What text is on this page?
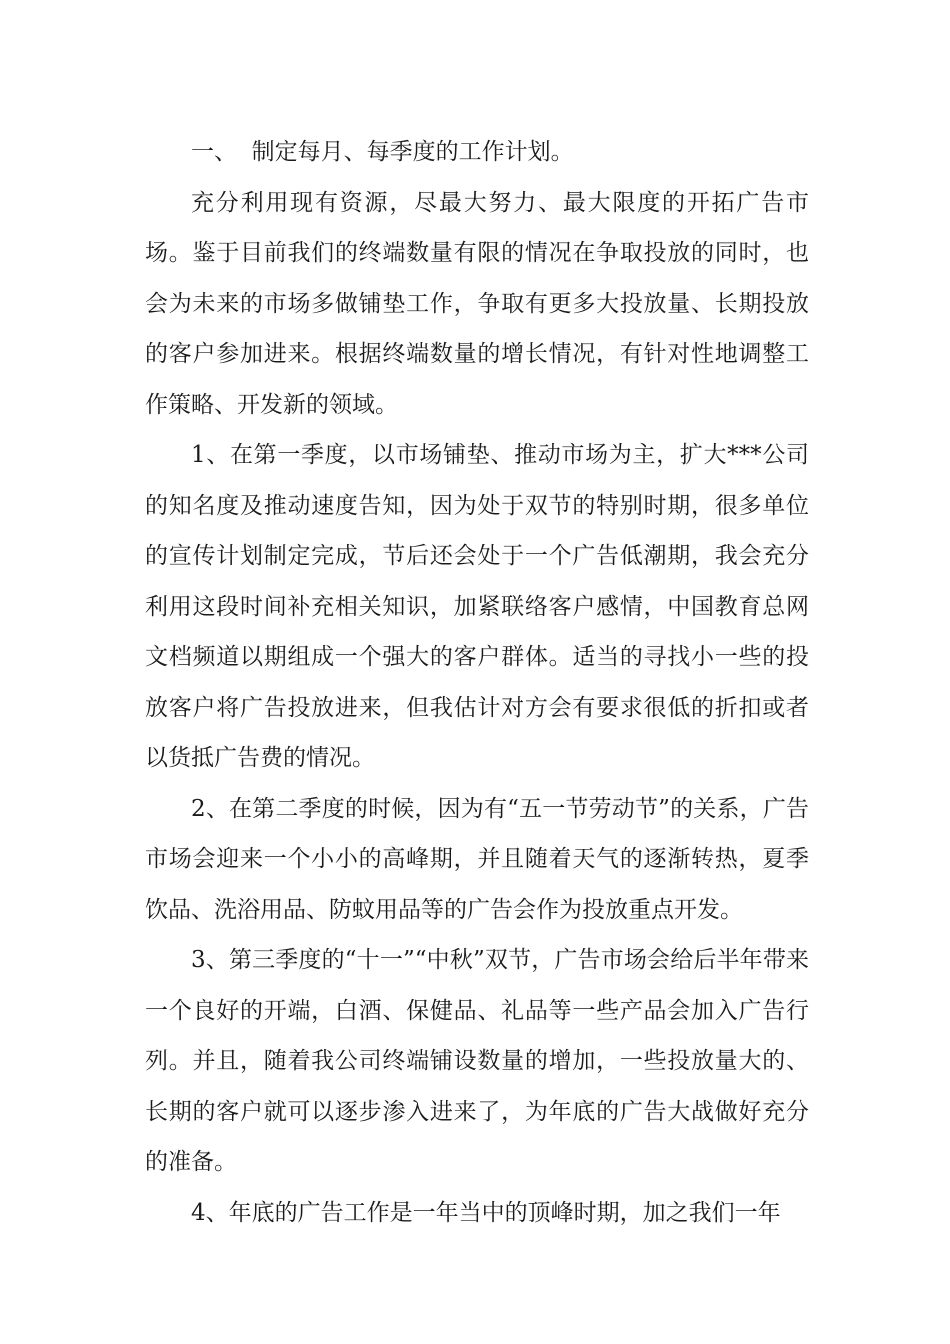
一、  制定每月、每季度的工作计划。

充分利用现有资源，尽最大努力、最大限度的开拓广告市场。鉴于目前我们的终端数量有限的情况在争取投放的同时，也会为未来的市场多做铺垫工作，争取有更多大投放量、长期投放的客户参加进来。根据终端数量的增长情况，有针对性地调整工作策略、开发新的领域。

1、在第一季度，以市场铺垫、推动市场为主，扩大***公司的知名度及推动速度告知，因为处于双节的特别时期，很多单位的宣传计划制定完成，节后还会处于一个广告低潮期，我会充分利用这段时间补充相关知识，加紧联络客户感情，中国教育总网文档频道以期组成一个强大的客户群体。适当的寻找小一些的投放客户将广告投放进来，但我估计对方会有要求很低的折扣或者以货抵广告费的情况。

2、在第二季度的时候，因为有“五一节劳动节”的关系，广告市场会迎来一个小小的高峰期，并且随着天气的逐渐转热，夏季饮品、洗浴用品、防蚊用品等的广告会作为投放重点开发。

3、第三季度的“十一”“中秋”双节，广告市场会给后半年带来一个良好的开端，白酒、保健品、礼品等一些产品会加入广告行列。并且，随着我公司终端铺设数量的增加，一些投放量大的、长期的客户就可以逐步渗入进来了，为年底的广告大战做好充分的准备。

4、年底的广告工作是一年当中的顶峰时期，加之我们一年
